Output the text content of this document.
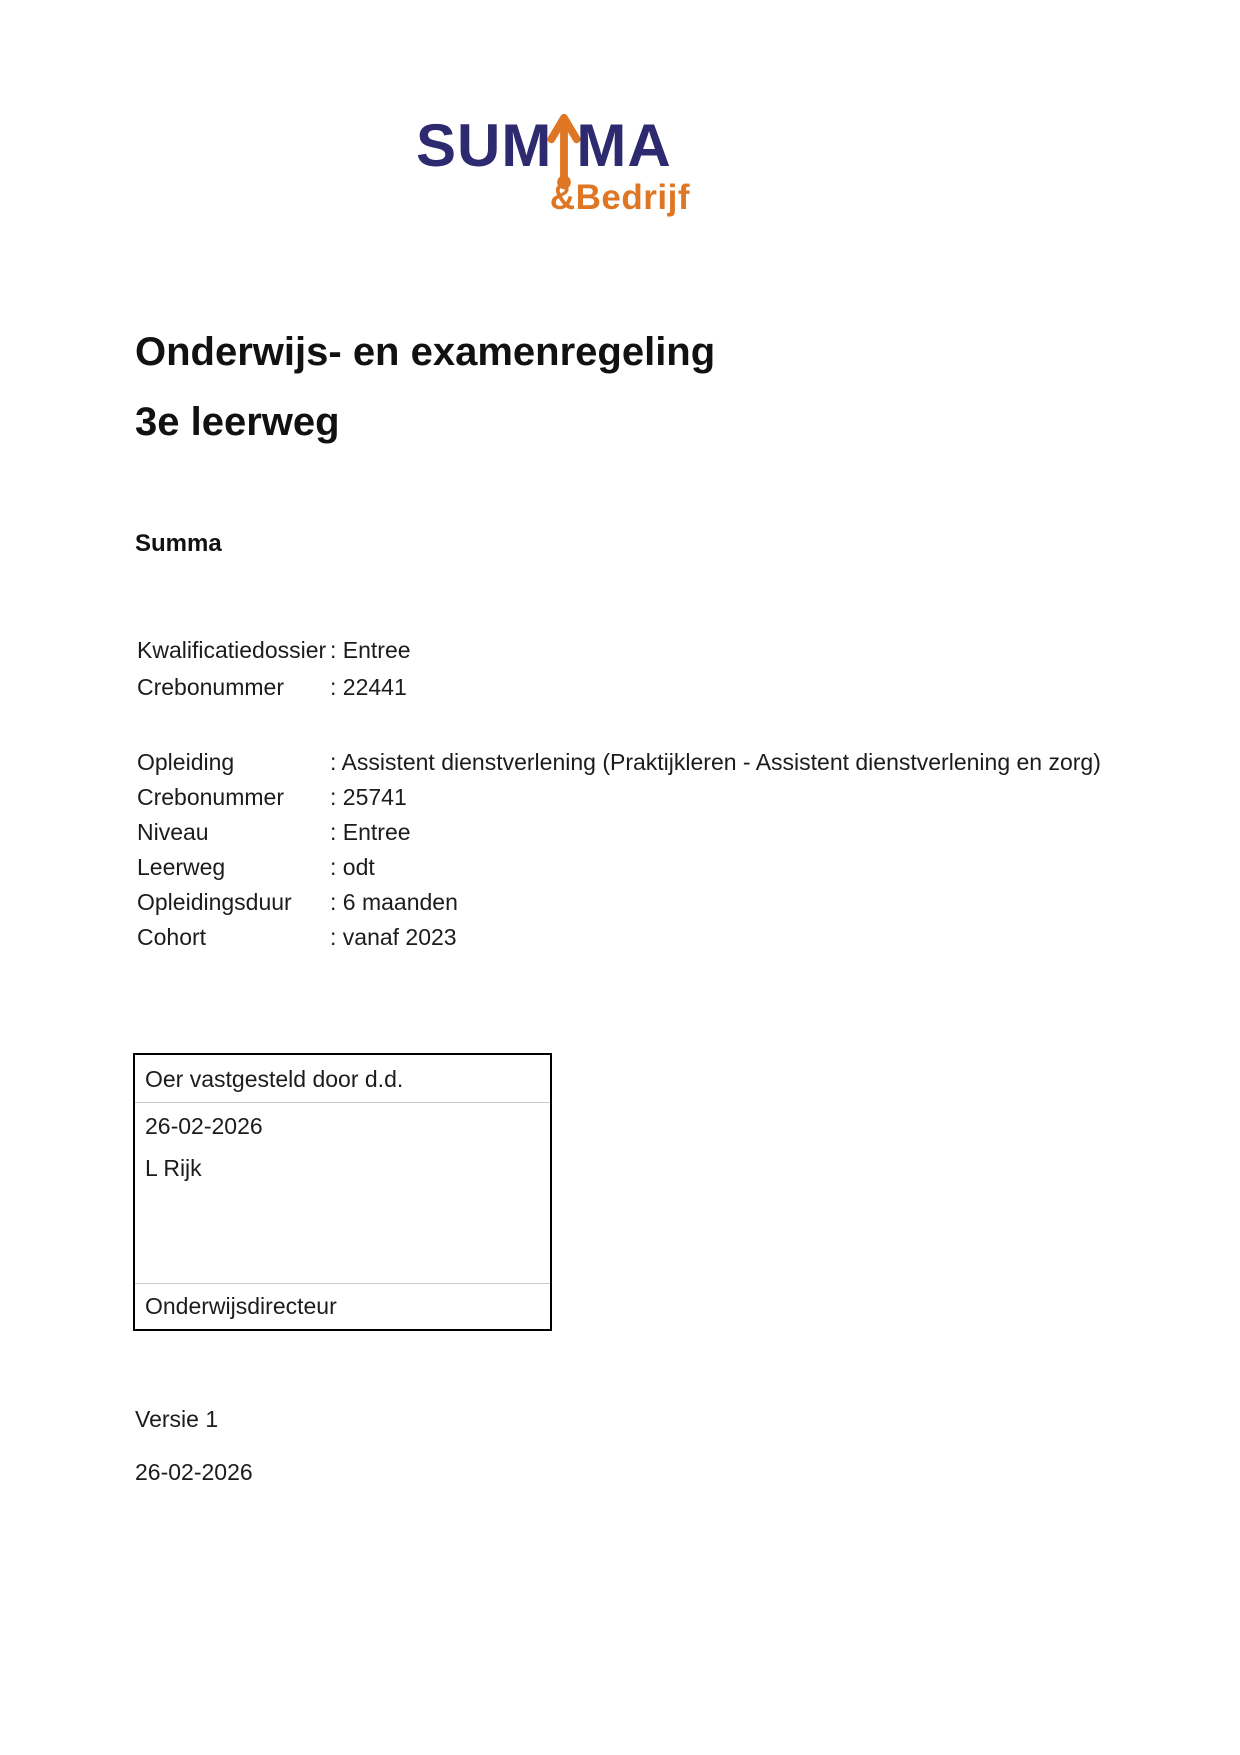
SUM MA
&Bedrijf
Onderwijs- en examenregeling
3e leerweg
Summa
Kwalificatiedossier : Entree
Crebonummer	: 22441
Opleiding	: Assistent dienstverlening (Praktijkleren - Assistent dienstverlening en zorg)
Crebonummer	: 25741
Niveau	: Entree
Leerweg	: odt
Opleidingsduur	: 6 maanden
Cohort	: vanaf 2023
Oer vastgesteld door d.d.
26-02-2026
L Rijk
Onderwijsdirecteur
Versie 1
26-02-2026
